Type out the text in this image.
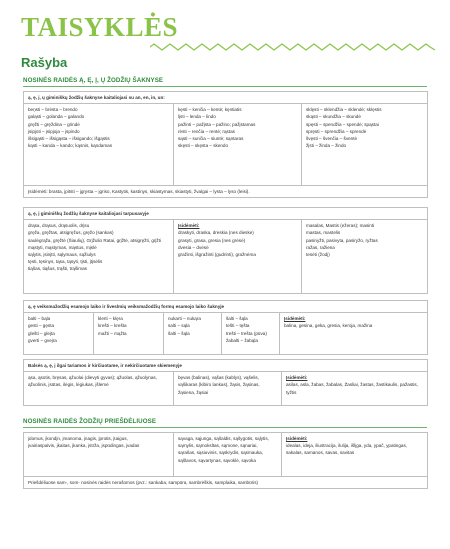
TAISYKLĖS
Rašyba
NOSINĖS RAIDĖS Ą, Ę, Į, Ų ŽODŽIŲ ŠAKNYSE
ą, ę, į, ų giminiškų žodžių šaknyse kaitaliojasi su an, en, in, un:

beņsti – brėsta – brendo
galąsti – golanda – galando
gręžti – gręždina – grindė
įsipjoti – įsipjoja – įspindo
išsigąsti – išsigąsta – išsigando; išgąstis
kąsti – kanda – kando; kąsnis, kąndamas

kęsti – kenčia – kentė; kęntiatis
lįsti – lenda – lindo
pažinti – pažįsta – pažino; pažįstamas
rėsti – renčia – rentė; rąstas
sąsti – sunčia – siuntė; sąntaras
skęsti – skęsta – skendo

sklęsti – sklendžia – sklendė; sklęstis
skąsti – skundžia – skundė
spęsti – spendžia – spendė; spąstai
spręsti – sprendžia – sprendė
švęsti – švenčia – šventė
žįsti – žinda – žindo

Įsidėmėti: brasta, įpitsti – įgrysta – įgriso, Kastytis, kastinys, skiastymas, skiastyti, žvalgai – lysta – lyso (leisi).
ą, ę, į giminiškų žodžių šaknyse kaitaliojasi tarpusavyje

drąsa, drąsus, drąsuolis, drįsu
gręža, gręžtas, atsigręžus, gręžo (sankas)
saulėgrąža, gręžtė (Šiaulių), Grįžulio Ratai, grįžtė, atsigręžti, grįžti
mąstyti, mąstymas, mąstus, mįslė
sąlytis, įsinįtti, sąlymaus, sąžiulys
tęsti, tęsinys, tąsa, tąsyti, tįsti, įtįsėlis
tiąšas, tiąšus, trąšti, trąšimas

Įsidėmėti:
draskyti, draska, dreskia (nes dieske)
grasyti, grasa, gresia (nes grėsė)
dvesia – dvėsė
gražinti, išgražinti (gudrinti), gražnėma

masalas, Mastis (ežeras); masinti
mastas, mastelis
pasinyžti, pasivyta, pasiryžo, ryžtas
ražas, ražiena
tesėti (žodį)
ą, ę veiksmažodžių esamojo laiko ir liveslmių veiksmažodžių formų esamojo laiko šaknyje

balti – bąla
gesti – gęsta
glešti – gleįta
gverti – gveįra

klerti – klęra
krešti – krešta
mažti – mąžta

nukarti – nukąra
salti – sąla
šalti – šąla

šalti – šąla
tešti – tęšta
trešti – trešta (pūva)
žabalti – žabąla

Įsidėmėti:
balina, gesina, geka, gresia, keroja, mažina
Balsės ą, ę, į ilgai tariamos ir kirčiuotame, ir nekirčiuotame skiemenyje

ąsa, ąsotis, bręsas, ąžuolai (dievyti gyvas); ąžuolas, ąžuolynas,
ąžuolinis, įsūtas, ilėgis, lėgiukas, įšlemė

bęvas (balinas), vąšas (kablys), vąšelis,
vąšikaras (kibiro lankas), žąsis, žąsinas,
žąsiena, žąsiai

Įsidėmėti:
asilas, asla, žabas, žabalas, Žasliai, žastas, žastikaulis, pažastis,
tyžtis
NOSINĖS RAIDĖS ŽODŽIŲ PRIEŠDĖLIUOSE
įdomus, įkondįn, įmanoma, įnagis, įprotis, įtaigus,
įvairiaspalvis, įkaitas, įkanka, įstrža, įspūdingas, įvadas

sąvaga, sąjunga, sąšaldis, sąšygotis, sąlytis,
sąmylis, sąmoksltas, sąmone, sąnariai,
sąrašas, sąsiuvinis, sąskrydis, sąsmauka,
sąšlavos, sąvartynas, sąvoklė, sąvoka

Įsidėmėti:
idealas, ideja, iliustracija, ilulija, išlįga, yda, ypač, ypatingas,
sakalas, samanos, savas, savitas

Priešdėliuose sam-, som- nosinės raidės nerašomos (pvz.: sankaba, sampūra, sambrėškis, samplaika, sambūris)
